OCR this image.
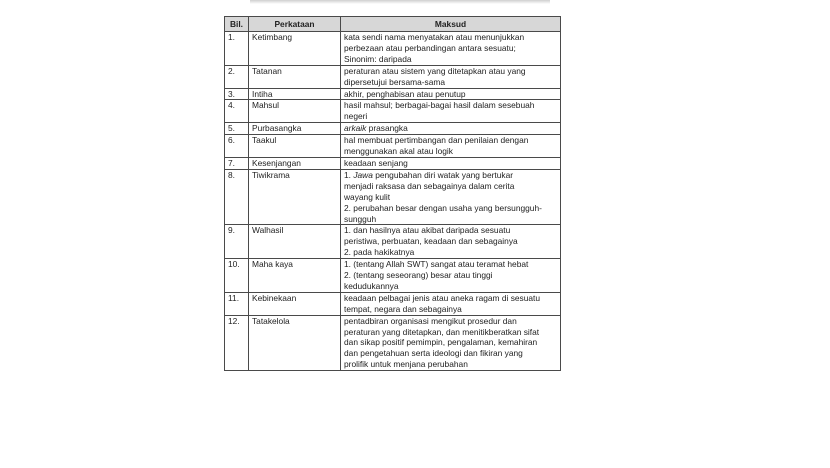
Bil.	Perkataan	Maksud
1.	Ketimbang	kata sendi nama menyatakan atau menunjukkan
perbezaan atau perbandingan antara sesuatu;
Sinonim: daripada

2.	Tatanan	peraturan atau sistem yang ditetapkan atau yang
dipersetujui bersama-sama

3.	Intiha	akhir, penghabisan atau penutup

4.	Mahsul	hasil mahsul; berbagai-bagai hasil dalam sesebuah
negeri

5.	Purbasangka	arkaik prasangka

6.	Taakul	hal membuat pertimbangan dan penilaian dengan
menggunakan akal atau logik

7.	Kesenjangan	keadaan senjang

8.	Tiwikrama	1. Jawa pengubahan diri watak yang bertukar
menjadi raksasa dan sebagainya dalam cerita
wayang kulit
2. perubahan besar dengan usaha yang bersungguh-
sungguh

9.	Walhasil	1. dan hasilnya atau akibat daripada sesuatu
peristiwa, perbuatan, keadaan dan sebagainya
2. pada hakikatnya

10.	Maha kaya	1. (tentang Allah SWT) sangat atau teramat hebat
2. (tentang seseorang) besar atau tinggi
kedudukannya

11.	Kebinekaan	keadaan pelbagai jenis atau aneka ragam di sesuatu
tempat, negara dan sebagainya

12.	Tatakelola	pentadbiran organisasi mengikut prosedur dan
peraturan yang ditetapkan, dan menitikberatkan sifat
dan sikap positif pemimpin, pengalaman, kemahiran
dan pengetahuan serta ideologi dan fikiran yang
prolifik untuk menjana perubahan
